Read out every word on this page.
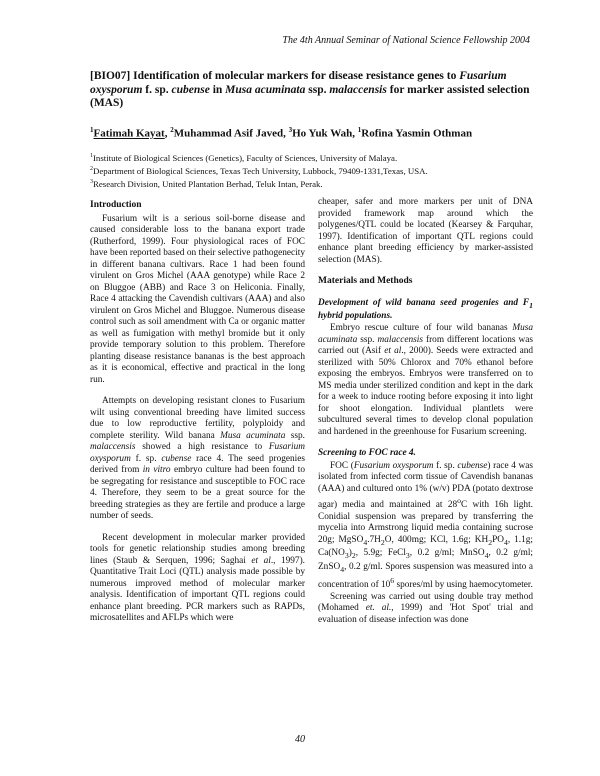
The 4th Annual Seminar of National Science Fellowship 2004
[BIO07] Identification of molecular markers for disease resistance genes to Fusarium oxysporum f. sp. cubense in Musa acuminata ssp. malaccensis for marker assisted selection (MAS)
$^1$Fatimah Kayat, $^2$Muhammad Asif Javed, $^3$Ho Yuk Wah, $^1$Rofina Yasmin Othman
$^1$Institute of Biological Sciences (Genetics), Faculty of Sciences, University of Malaya.
$^2$Department of Biological Sciences, Texas Tech University, Lubbock, 79409-1331,Texas, USA.
$^3$Research Division, United Plantation Berhad, Teluk Intan, Perak.
Introduction

Fusarium wilt is a serious soil-borne disease and caused considerable loss to the banana export trade (Rutherford, 1999). Four physiological races of FOC have been reported based on their selective pathogenecity in different banana cultivars. Race 1 had been found virulent on Gros Michel (AAA genotype) while Race 2 on Bluggoe (ABB) and Race 3 on Heliconia. Finally, Race 4 attacking the Cavendish cultivars (AAA) and also virulent on Gros Michel and Bluggoe. Numerous disease control such as soil amendment with Ca or organic matter as well as fumigation with methyl bromide but it only provide temporary solution to this problem. Therefore planting disease resistance bananas is the best approach as it is economical, effective and practical in the long run.

Attempts on developing resistant clones to Fusarium wilt using conventional breeding have limited success due to low reproductive fertility, polyploidy and complete sterility. Wild banana Musa acuminata ssp. malaccensis showed a high resistance to Fusarium oxysporum f. sp. cubense race 4. The seed progenies derived from in vitro embryo culture had been found to be segregating for resistance and susceptible to FOC race 4. Therefore, they seem to be a great source for the breeding strategies as they are fertile and produce a large number of seeds.

Recent development in molecular marker provided tools for genetic relationship studies among breeding lines (Staub & Serquen, 1996; Saghai et al., 1997). Quantitative Trait Loci (QTL) analysis made possible by numerous improved method of molecular marker analysis. Identification of important QTL regions could enhance plant breeding. PCR markers such as RAPDs, microsatellites and AFLPs which were

cheaper, safer and more markers per unit of DNA provided framework map around which the polygenes/QTL could be located (Kearsey & Farquhar, 1997). Identification of important QTL regions could enhance plant breeding efficiency by marker-assisted selection (MAS).

Materials and Methods
Development of wild banana seed progenies and $F_1$ hybrid populations.

Embryo rescue culture of four wild bananas Musa acuminata ssp. malaccensis from different locations was carried out (Asif et al., 2000). Seeds were extracted and sterilized with 50% Chlorox and 70% ethanol before exposing the embryos. Embryos were transferred on to MS media under sterilized condition and kept in the dark for a week to induce rooting before exposing it into light for shoot elongation. Individual plantlets were subcultured several times to develop clonal population and hardened in the greenhouse for Fusarium screening.

Screening to FOC race 4.

FOC (Fusarium oxysporum f. sp. cubense) race 4 was isolated from infected corm tissue of Cavendish bananas (AAA) and cultured onto 1% (w/v) PDA (potato dextrose agar) media and maintained at 28$^o$C with 16h light. Conidial suspension was prepared by transferring the mycelia into Armstrong liquid media containing sucrose 20g; $MgSO_4.7H_2O$, 400mg; KCl, 1.6g; $KH_2PO_4$, 1.1g; $Ca(NO_3)_2$, 5.9g; FeCl$_3$, 0.2 g/ml; MnSO$_4$, 0.2 g/ml; ZnSO$_4$, 0.2 g/ml. Spores suspension was measured into a concentration of $10^6$ spores/ml by using haemocytometer.

Screening was carried out using double tray method (Mohamed et. al., 1999) and 'Hot Spot' trial and evaluation of disease infection was done

40
